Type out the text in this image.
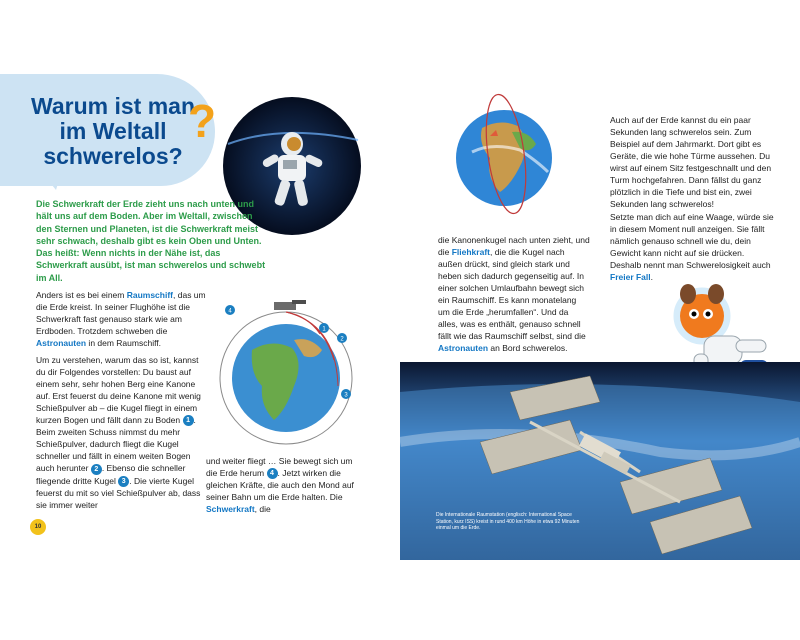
Warum ist man im Weltall schwerelos?
?
Die Schwerkraft der Erde zieht uns nach unten und hält uns auf dem Boden. Aber im Weltall, zwischen den Sternen und Planeten, ist die Schwerkraft meist sehr schwach, deshalb gibt es kein Oben und Unten. Das heißt: Wenn nichts in der Nähe ist, das Schwerkraft ausübt, ist man schwerelos und schwebt im All.
Anders ist es bei einem Raumschiff, das um die Erde kreist. In seiner Flughöhe ist die Schwerkraft fast genauso stark wie am Erdboden. Trotzdem schweben die Astronauten in dem Raumschiff.
Um zu verstehen, warum das so ist, kannst du dir Folgendes vorstellen: Du baust auf einem sehr, sehr hohen Berg eine Kanone auf. Erst feuerst du deine Kanone mit wenig Schießpulver ab – die Kugel fliegt in einem kurzen Bogen und fällt dann zu Boden 1 .
Beim zweiten Schuss nimmst du mehr Schießpulver, dadurch fliegt die Kugel schneller und fällt in einem weiten Bogen auch herunter 2 . Ebenso die schneller fliegende dritte Kugel 3 . Die vierte Kugel feuerst du mit so viel Schießpulver ab, dass sie immer weiter
4
1
2
3
und weiter fliegt … Sie bewegt sich um die Erde herum 4 . Jetzt wirken die gleichen Kräfte, die auch den Mond auf seiner Bahn um die Erde halten. Die Schwerkraft, die
die Kanonenkugel nach unten zieht, und die Fliehkraft, die die Kugel nach außen drückt, sind gleich stark und heben sich dadurch gegenseitig auf. In einer solchen Umlaufbahn bewegt sich ein Raumschiff. Es kann monatelang um die Erde „herumfallen“. Und da alles, was es enthält, genauso schnell fällt wie das Raumschiff selbst, sind die Astronauten an Bord schwerelos.
Auch auf der Erde kannst du ein paar Sekunden lang schwerelos sein. Zum Beispiel auf dem Jahrmarkt. Dort gibt es Geräte, die wie hohe Türme aussehen. Du wirst auf einem Sitz festgeschnallt und den Turm hochgefahren. Dann fällst du ganz plötzlich in die Tiefe und bist ein, zwei Sekunden lang schwerelos!
Setzte man dich auf eine Waage, würde sie in diesem Moment null anzeigen. Sie fällt nämlich genauso schnell wie du, dein Gewicht kann nicht auf sie drücken. Deshalb nennt man Schwerelosigkeit auch Freier Fall.
Die Internationale Raumstation (englisch: International Space Station, kurz ISS) kreist in rund 400 km Höhe in etwa 92 Minuten einmal um die Erde.
10
